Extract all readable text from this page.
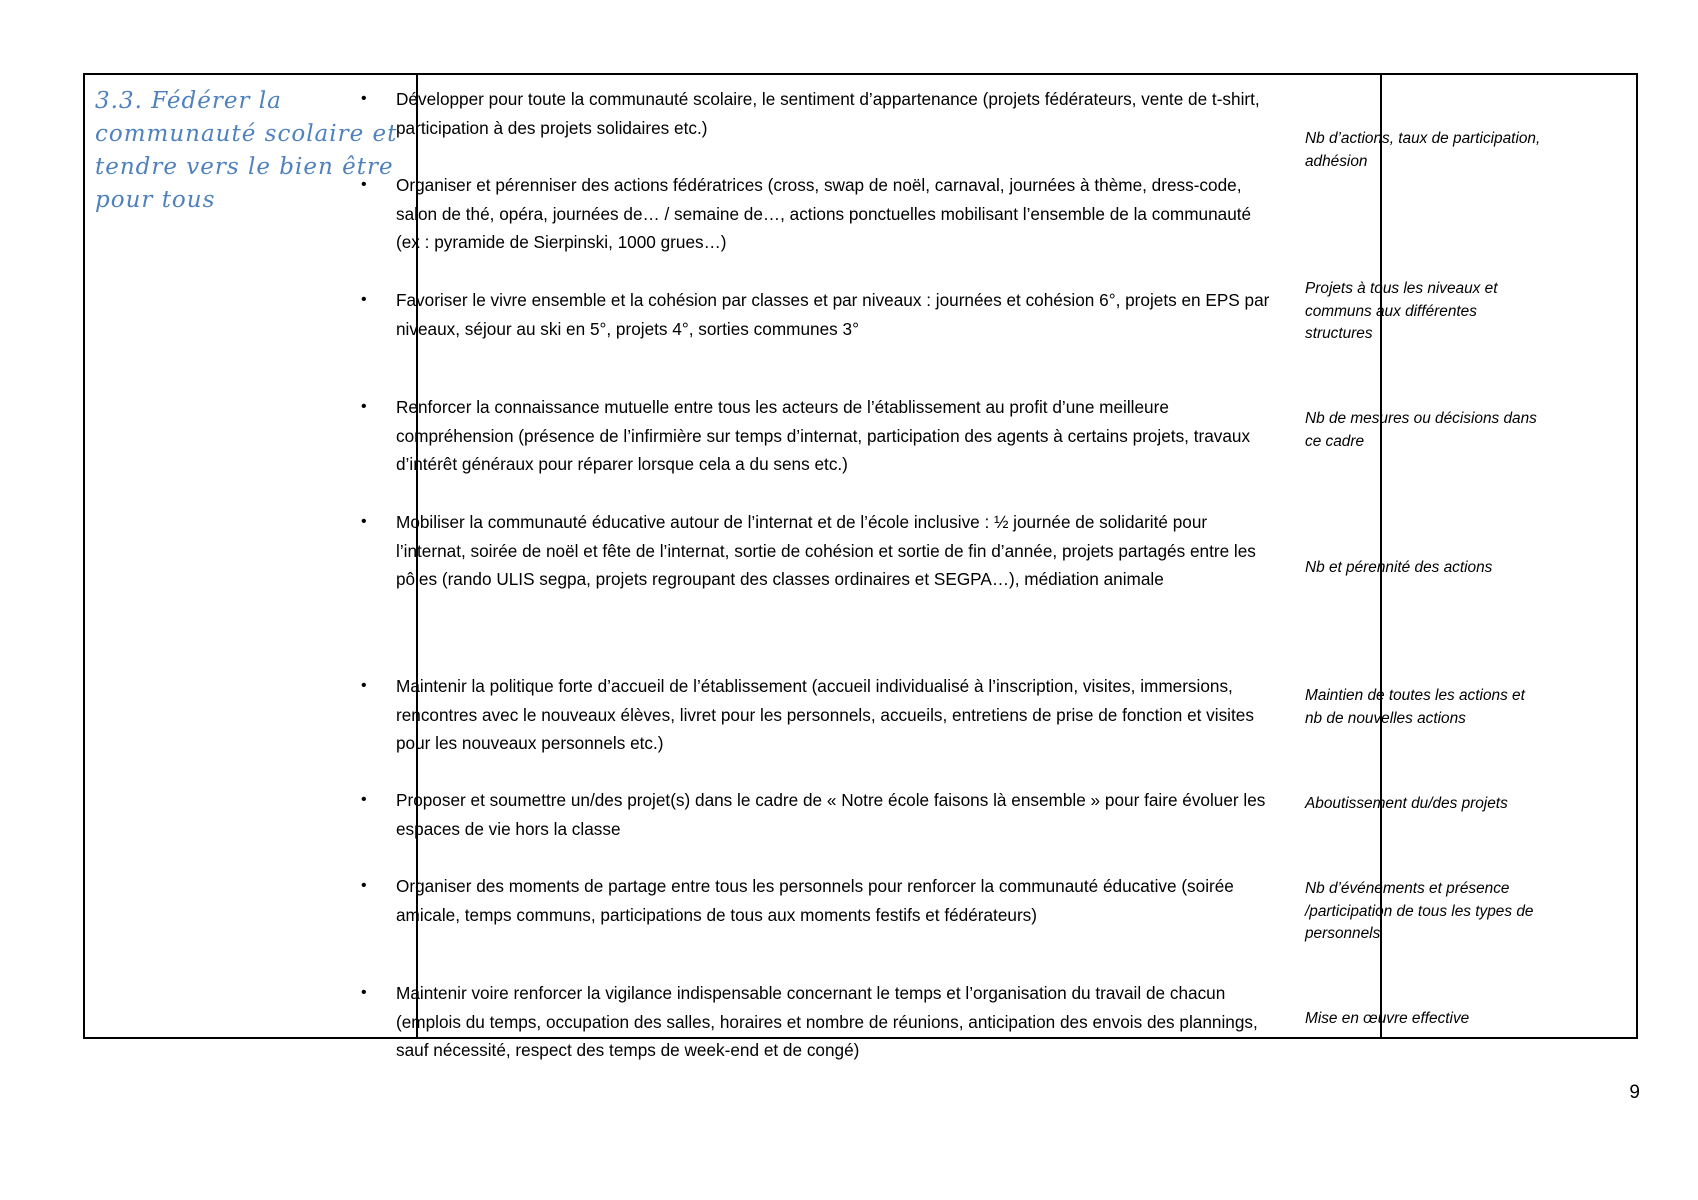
3.3. Fédérer la communauté scolaire et tendre vers le bien être pour tous
• Développer pour toute la communauté scolaire, le sentiment d’appartenance (projets fédérateurs, vente de t-shirt, participation à des projets solidaires etc.)
• Organiser et pérenniser des actions fédératrices (cross, swap de noël, carnaval, journées à thème, dress-code, salon de thé, opéra, journées de… / semaine de…, actions ponctuelles mobilisant l’ensemble de la communauté (ex : pyramide de Sierpinski, 1000 grues…)
• Favoriser le vivre ensemble et la cohésion par classes et par niveaux : journées et cohésion 6°, projets en EPS par niveaux, séjour au ski en 5°, projets 4°, sorties communes 3°
• Renforcer la connaissance mutuelle entre tous les acteurs de l’établissement au profit d’une meilleure compréhension (présence de l’infirmière sur temps d’internat, participation des agents à certains projets, travaux d’intérêt généraux pour réparer lorsque cela a du sens etc.)
• Mobiliser la communauté éducative autour de l’internat et de l’école inclusive : ½ journée de solidarité pour l’internat, soirée de noël et fête de l’internat, sortie de cohésion et sortie de fin d’année, projets partagés entre les pôles (rando ULIS segpa, projets regroupant des classes ordinaires et SEGPA…), médiation animale
• Maintenir la politique forte d’accueil de l’établissement (accueil individualisé à l’inscription, visites, immersions, rencontres avec le nouveaux élèves, livret pour les personnels, accueils, entretiens de prise de fonction et visites pour les nouveaux personnels etc.)
• Proposer et soumettre un/des projet(s) dans le cadre de « Notre école faisons là ensemble » pour faire évoluer les espaces de vie hors la classe
• Organiser des moments de partage entre tous les personnels pour renforcer la communauté éducative (soirée amicale, temps communs, participations de tous aux moments festifs et fédérateurs)
• Maintenir voire renforcer la vigilance indispensable concernant le temps et l’organisation du travail de chacun (emplois du temps, occupation des salles, horaires et nombre de réunions, anticipation des envois des plannings, sauf nécessité, respect des temps de week-end et de congé)
Nb d’actions, taux de participation, adhésion
Projets à tous les niveaux et communs aux différentes structures
Nb de mesures ou décisions dans ce cadre
Nb et pérennité des actions
Maintien de toutes les actions et nb de nouvelles actions
Aboutissement du/des projets
Nb d’événements et présence /participation de tous les types de personnels
Mise en œuvre effective
9
